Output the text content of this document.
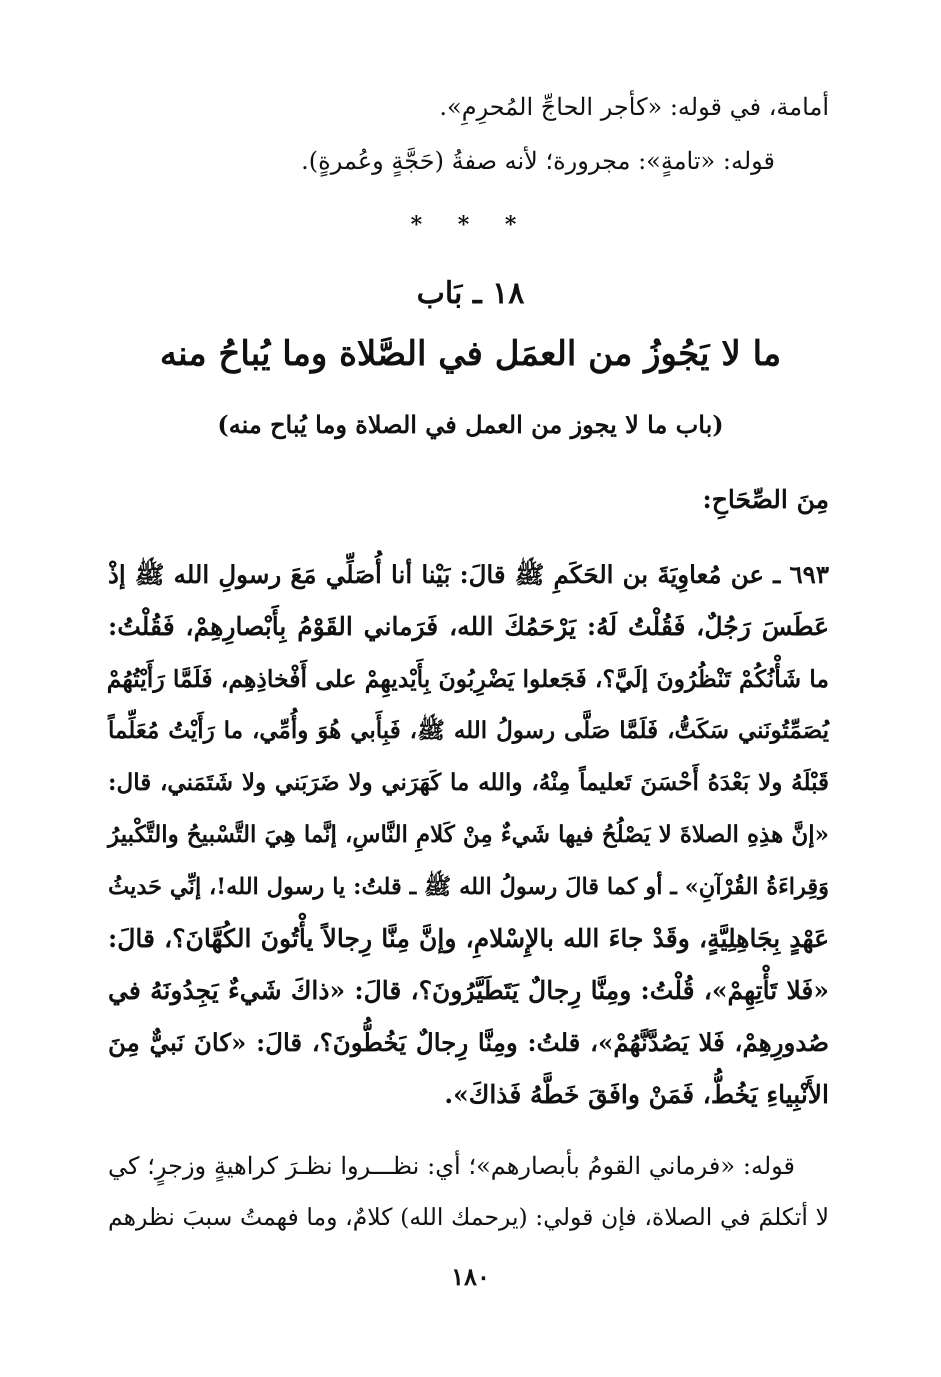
أمامة، في قوله: «كأجر الحاجِّ المُحرِمِ».
قوله: «تامةٍ»: مجرورة؛ لأنه صفةُ (حَجَّةٍ وعُمرةٍ).
* * *
١٨ ـ بَاب
ما لا يَجُوزُ من العمَل في الصَّلاة وما يُباحُ منه
(باب ما لا يجوز من العمل في الصلاة وما يُباح منه)
مِنَ الصِّحَاحِ:
٦٩٣ ـ عن مُعاوِيَةَ بن الحَكَمِ ﷺ قالَ: بَيْنا أنا أُصَلِّي مَعَ رسولِ الله ﷺ إذْ
عَطَسَ رَجُلٌ، فَقُلْتُ لَهُ: يَرْحَمُكَ الله، فَرَماني القَوْمُ بِأَبْصارِهِمْ، فَقُلْتُ:
ما شَأْنُكُمْ تَنْظُرُونَ إلَيَّ؟، فَجَعلوا يَضْرِبُونَ بِأَيْديهِمْ على أَفْخاذِهِم، فَلَمَّا رَأَيْتُهُمْ
يُصَمِّتُونَني سَكَتُّ، فَلَمَّا صَلَّى رسولُ الله ﷺ، فَبِأَبي هُوَ وأُمِّي، ما رَأَيْتُ مُعَلِّماً
قَبْلَهُ ولا بَعْدَهُ أَحْسَنَ تَعليماً مِنْهُ، والله ما كَهَرَني ولا ضَرَبَني ولا شَتَمَني، قال:
«إنَّ هذِهِ الصلاةَ لا يَصْلُحُ فيها شَيءٌ مِنْ كَلامِ النَّاسِ، إنَّما هِيَ التَّسْبيحُ والتَّكْبيرُ
وَقِراءَةُ القُرْآنِ» ـ أو كما قالَ رسولُ الله ﷺ ـ قلتُ: يا رسول الله!، إنِّي حَديثُ
عَهْدٍ بِجَاهِلِيَّةٍ، وقَدْ جاءَ الله بالإِسْلامِ، وإنَّ مِنَّا رِجالاً يأْتُونَ الكُهَّانَ؟، قالَ:
«فَلا تَأْتِهِمْ»، قُلْتُ: ومِنَّا رِجالٌ يَتَطَيَّرُونَ؟، قالَ: «ذاكَ شَيءٌ يَجِدُونَهُ في
صُدورِهِمْ، فَلا يَصُدَّنَّهُمْ»، قلتُ: ومِنَّا رِجالٌ يَخُطُّونَ؟، قالَ: «كانَ نَبيٌّ مِنَ
الأَنْبِياءِ يَخُطُّ، فَمَنْ وافَقَ خَطَّهُ فَذاكَ».
قوله: «فرماني القومُ بأبصارهم»؛ أي: نظـــروا نظـرَ كراهيةٍ وزجرٍ؛ كي
لا أتكلمَ في الصلاة، فإن قولي: (يرحمك الله) كلامٌ، وما فهمتُ سببَ نظرهم
١٨٠
